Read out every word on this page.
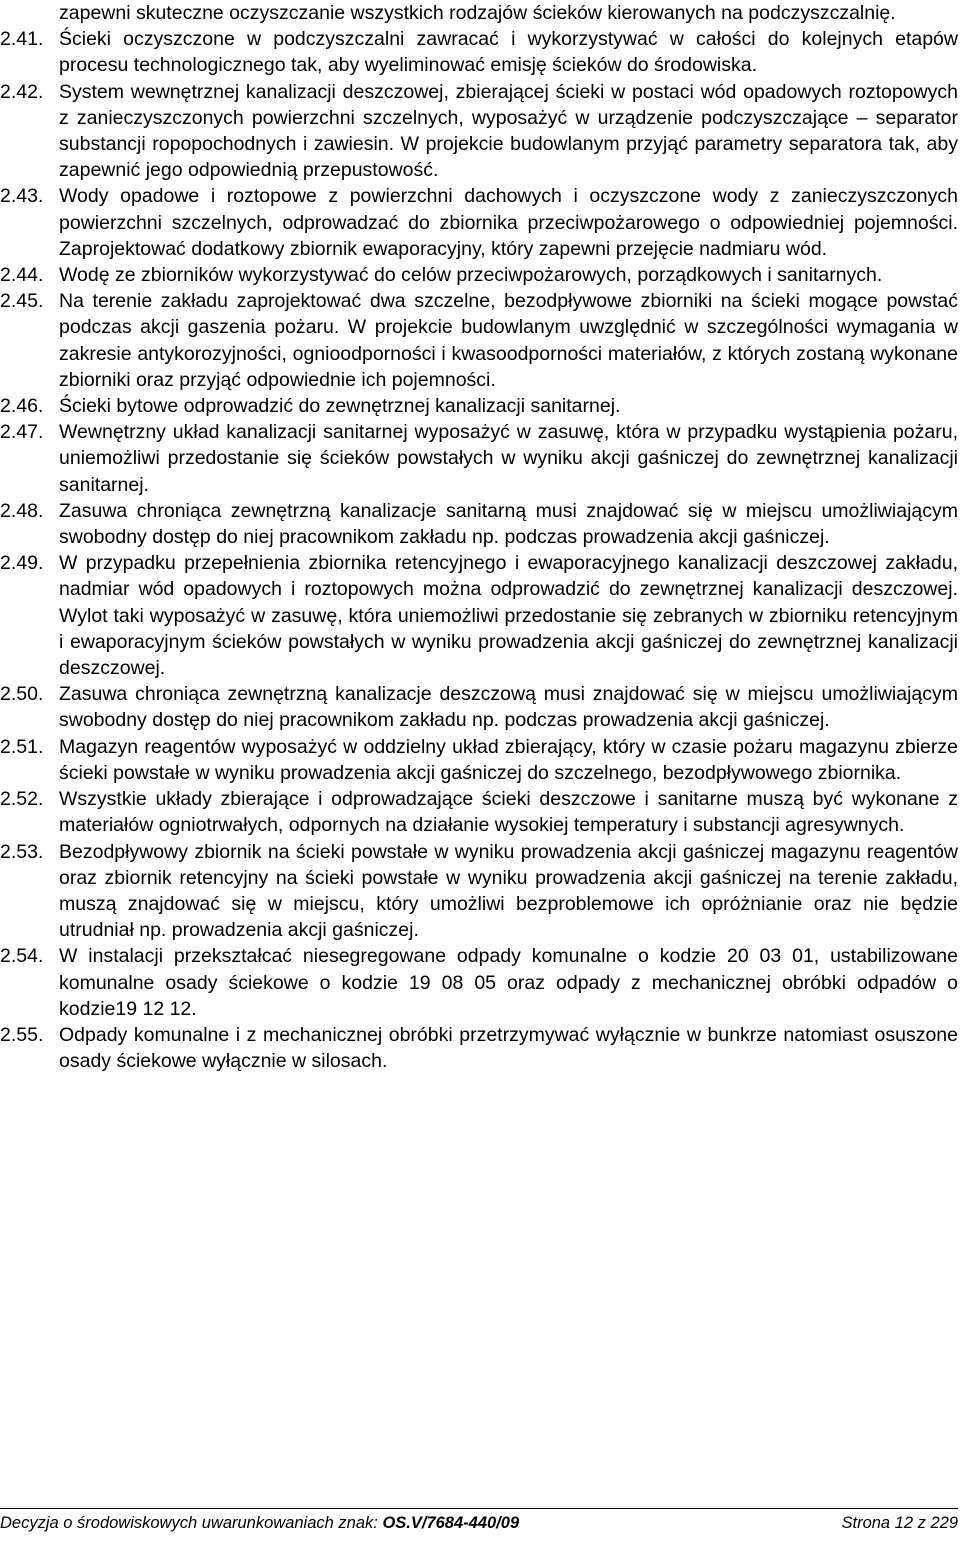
zapewni skuteczne oczyszczanie wszystkich rodzajów ścieków kierowanych na podczyszczalnię.
2.41. Ścieki oczyszczone w podczyszczalni zawracać i wykorzystywać w całości do kolejnych etapów procesu technologicznego tak, aby wyeliminować emisję ścieków do środowiska.
2.42. System wewnętrznej kanalizacji deszczowej, zbierającej ścieki w postaci wód opadowych roztopowych z zanieczyszczonych powierzchni szczelnych, wyposażyć w urządzenie podczyszczające – separator substancji ropopochodnych i zawiesin. W projekcie budowlanym przyjąć parametry separatora tak, aby zapewnić jego odpowiednią przepustowość.
2.43. Wody opadowe i roztopowe z powierzchni dachowych i oczyszczone wody z zanieczyszczonych powierzchni szczelnych, odprowadzać do zbiornika przeciwpożarowego o odpowiedniej pojemności. Zaprojektować dodatkowy zbiornik ewaporacyjny, który zapewni przejęcie nadmiaru wód.
2.44. Wodę ze zbiorników wykorzystywać do celów przeciwpożarowych, porządkowych i sanitarnych.
2.45. Na terenie zakładu zaprojektować dwa szczelne, bezodpływowe zbiorniki na ścieki mogące powstać podczas akcji gaszenia pożaru. W projekcie budowlanym uwzględnić w szczególności wymagania w zakresie antykorozyjności, ognioodporności i kwasoodporności materiałów, z których zostaną wykonane zbiorniki oraz przyjąć odpowiednie ich pojemności.
2.46. Ścieki bytowe odprowadzić do zewnętrznej kanalizacji sanitarnej.
2.47. Wewnętrzny układ kanalizacji sanitarnej wyposażyć w zasuwę, która w przypadku wystąpienia pożaru, uniemożliwi przedostanie się ścieków powstałych w wyniku akcji gaśniczej do zewnętrznej kanalizacji sanitarnej.
2.48. Zasuwa chroniąca zewnętrzną kanalizacje sanitarną musi znajdować się w miejscu umożliwiającym swobodny dostęp do niej pracownikom zakładu np. podczas prowadzenia akcji gaśniczej.
2.49. W przypadku przepełnienia zbiornika retencyjnego i ewaporacyjnego kanalizacji deszczowej zakładu, nadmiar wód opadowych i roztopowych można odprowadzić do zewnętrznej kanalizacji deszczowej. Wylot taki wyposażyć w zasuwę, która uniemożliwi przedostanie się zebranych w zbiorniku retencyjnym i ewaporacyjnym ścieków powstałych w wyniku prowadzenia akcji gaśniczej do zewnętrznej kanalizacji deszczowej.
2.50. Zasuwa chroniąca zewnętrzną kanalizacje deszczową musi znajdować się w miejscu umożliwiającym swobodny dostęp do niej pracownikom zakładu np. podczas prowadzenia akcji gaśniczej.
2.51. Magazyn reagentów wyposażyć w oddzielny układ zbierający, który w czasie pożaru magazynu zbierze ścieki powstałe w wyniku prowadzenia akcji gaśniczej do szczelnego, bezodpływowego zbiornika.
2.52. Wszystkie układy zbierające i odprowadzające ścieki deszczowe i sanitarne muszą być wykonane z materiałów ogniotrwałych, odpornych na działanie wysokiej temperatury i substancji agresywnych.
2.53. Bezodpływowy zbiornik na ścieki powstałe w wyniku prowadzenia akcji gaśniczej magazynu reagentów oraz zbiornik retencyjny na ścieki powstałe w wyniku prowadzenia akcji gaśniczej na terenie zakładu, muszą znajdować się w miejscu, który umożliwi bezproblemowe ich opróżnianie oraz nie będzie utrudniał np. prowadzenia akcji gaśniczej.
2.54. W instalacji przekształcać niesegregowane odpady komunalne o kodzie 20 03 01, ustabilizowane komunalne osady ściekowe o kodzie 19 08 05 oraz odpady z mechanicznej obróbki odpadów o kodzie19 12 12.
2.55. Odpady komunalne i z mechanicznej obróbki przetrzymywać wyłącznie w bunkrze natomiast osuszone osady ściekowe wyłącznie w silosach.
Decyzja o środowiskowych uwarunkowaniach znak: OS.V/7684-440/09	Strona 12 z 229
